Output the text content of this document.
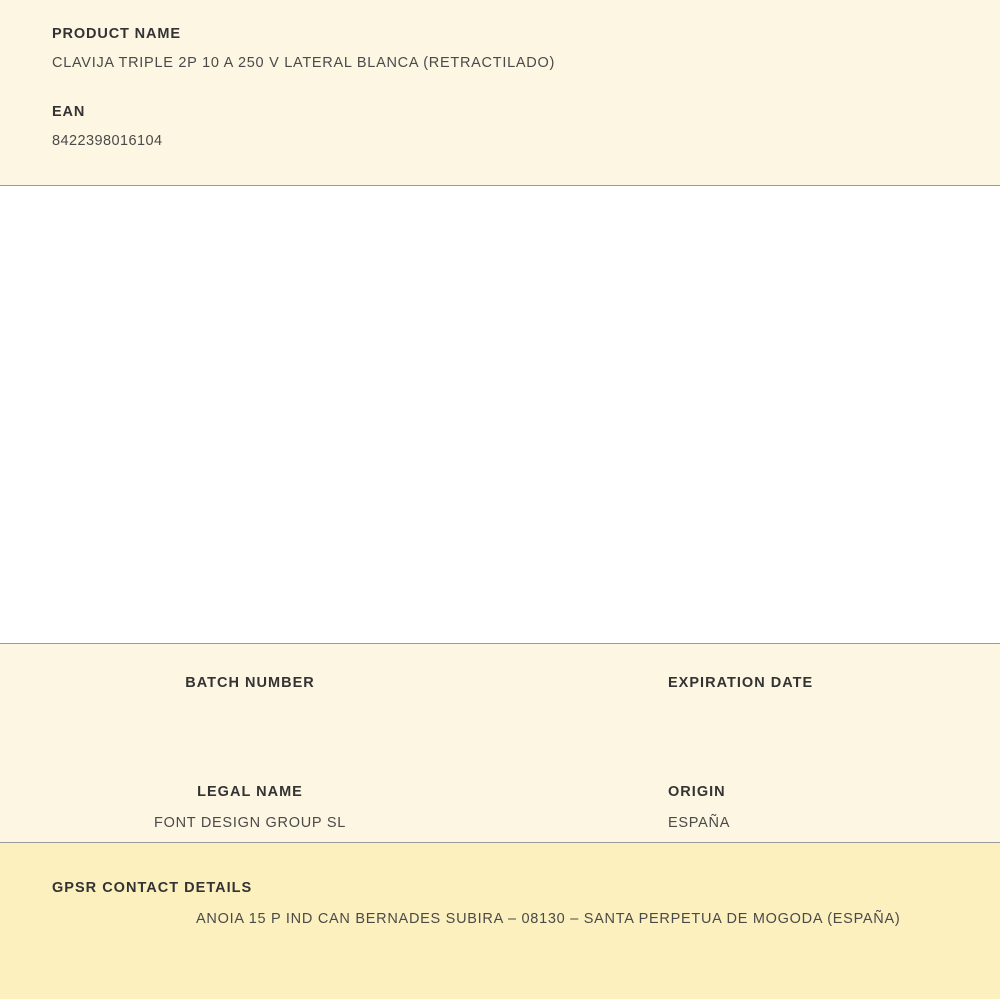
PRODUCT NAME
CLAVIJA TRIPLE 2P 10 A 250 V LATERAL BLANCA (RETRACTILADO)
EAN
8422398016104
BATCH NUMBER	EXPIRATION DATE
LEGAL NAME
FONT DESIGN GROUP SL
ORIGIN
ESPAÑA
GPSR CONTACT DETAILS
ANOIA 15 P IND CAN BERNADES SUBIRA – 08130 – SANTA PERPETUA DE MOGODA (ESPAÑA)
